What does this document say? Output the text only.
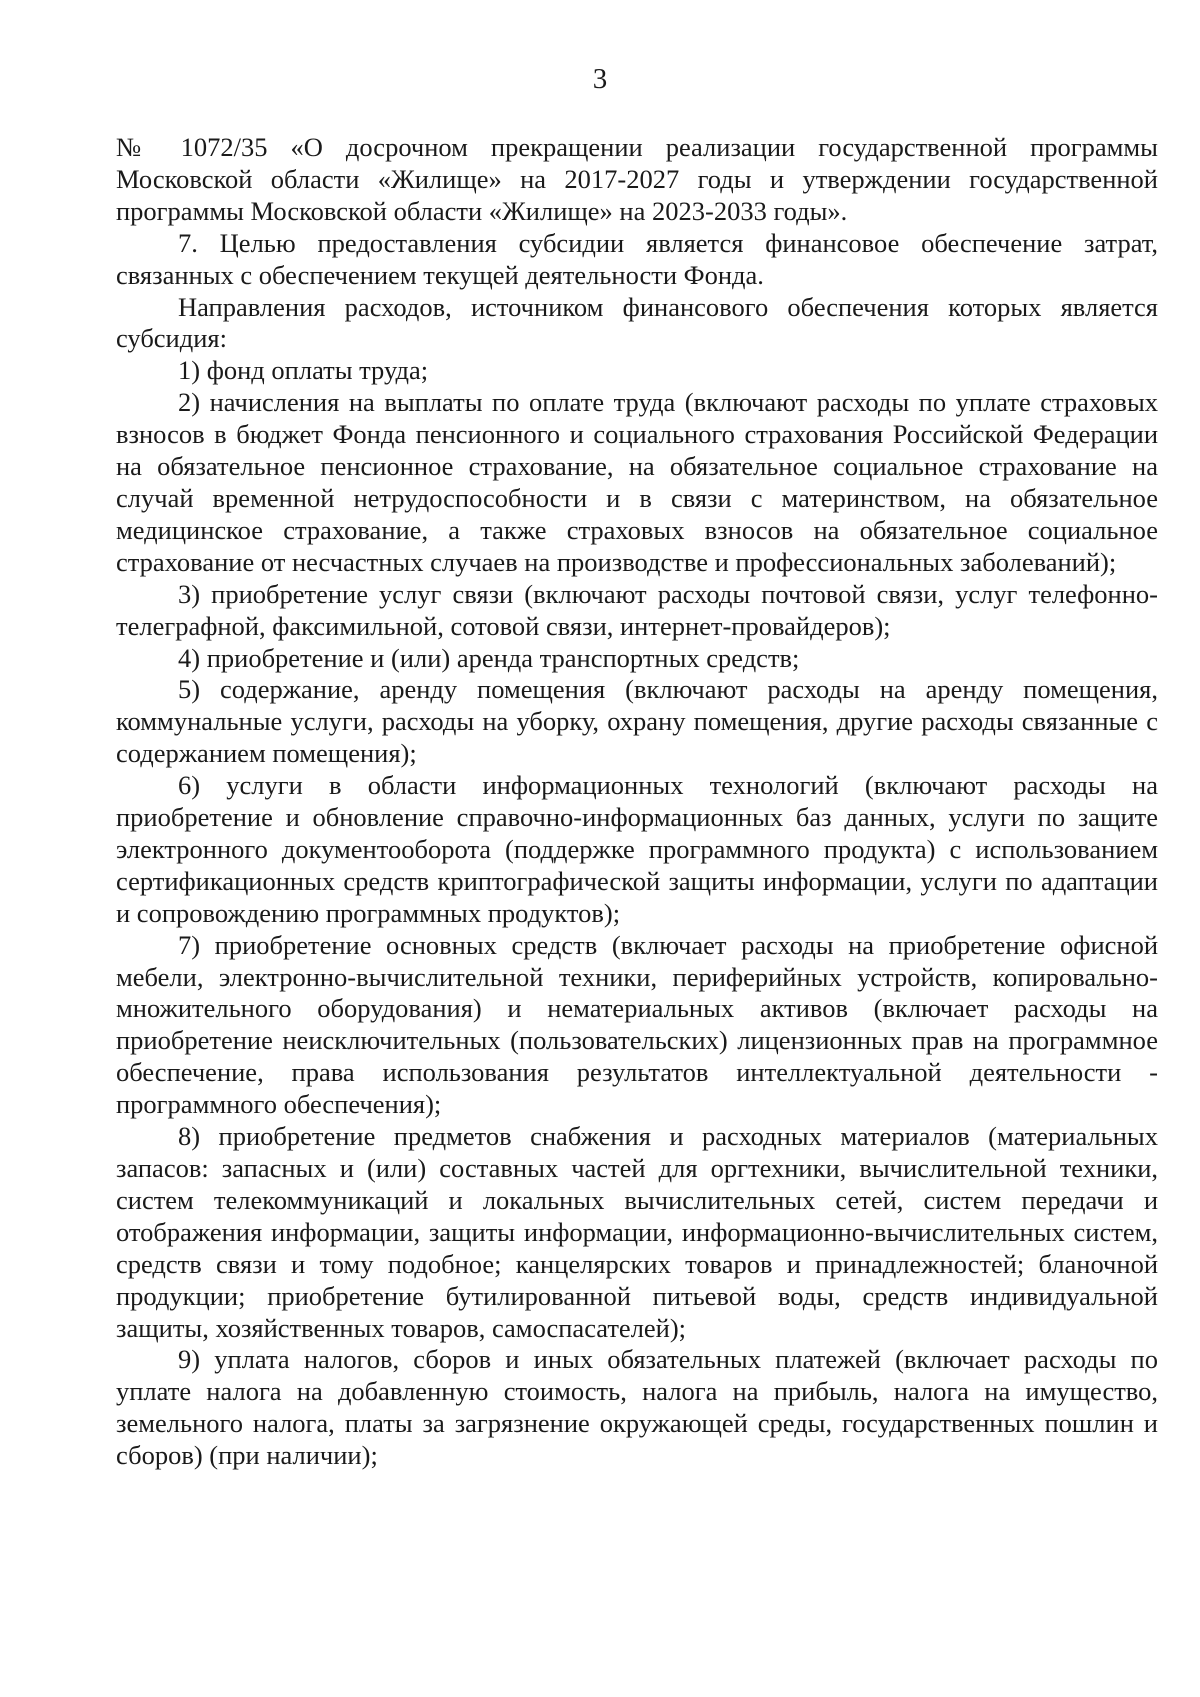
3

№ 1072/35 «О досрочном прекращении реализации государственной программы Московской области «Жилище» на 2017-2027 годы и утверждении государственной программы Московской области «Жилище» на 2023-2033 годы».

7. Целью предоставления субсидии является финансовое обеспечение затрат, связанных с обеспечением текущей деятельности Фонда.

Направления расходов, источником финансового обеспечения которых является субсидия:

1) фонд оплаты труда;

2) начисления на выплаты по оплате труда (включают расходы по уплате страховых взносов в бюджет Фонда пенсионного и социального страхования Российской Федерации на обязательное пенсионное страхование, на обязательное социальное страхование на случай временной нетрудоспособности и в связи с материнством, на обязательное медицинское страхование, а также страховых взносов на обязательное социальное страхование от несчастных случаев на производстве и профессиональных заболеваний);

3) приобретение услуг связи (включают расходы почтовой связи, услуг телефонно-телеграфной, факсимильной, сотовой связи, интернет-провайдеров);

4) приобретение и (или) аренда транспортных средств;

5) содержание, аренду помещения (включают расходы на аренду помещения, коммунальные услуги, расходы на уборку, охрану помещения, другие расходы связанные с содержанием помещения);

6) услуги в области информационных технологий (включают расходы на приобретение и обновление справочно-информационных баз данных, услуги по защите электронного документооборота (поддержке программного продукта) с использованием сертификационных средств криптографической защиты информации, услуги по адаптации и сопровождению программных продуктов);

7) приобретение основных средств (включает расходы на приобретение офисной мебели, электронно-вычислительной техники, периферийных устройств, копировально-множительного оборудования) и нематериальных активов (включает расходы на приобретение неисключительных (пользовательских) лицензионных прав на программное обеспечение, права использования результатов интеллектуальной деятельности - программного обеспечения);

8) приобретение предметов снабжения и расходных материалов (материальных запасов: запасных и (или) составных частей для оргтехники, вычислительной техники, систем телекоммуникаций и локальных вычислительных сетей, систем передачи и отображения информации, защиты информации, информационно-вычислительных систем, средств связи и тому подобное; канцелярских товаров и принадлежностей; бланочной продукции; приобретение бутилированной питьевой воды, средств индивидуальной защиты, хозяйственных товаров, самоспасателей);

9) уплата налогов, сборов и иных обязательных платежей (включает расходы по уплате налога на добавленную стоимость, налога на прибыль, налога на имущество, земельного налога, платы за загрязнение окружающей среды, государственных пошлин и сборов) (при наличии);
